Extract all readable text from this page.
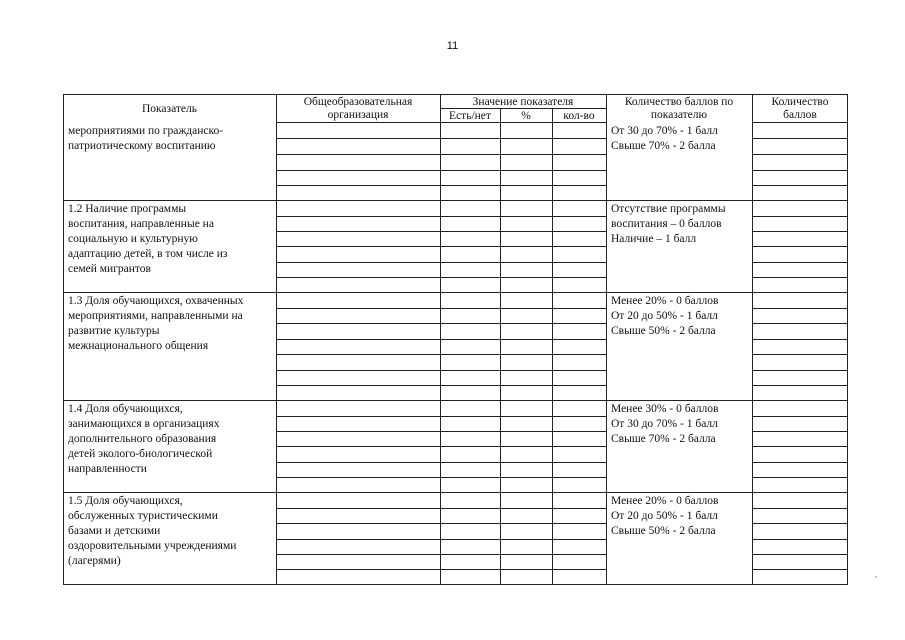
11
Показатель
Общеобразовательная
организация
Значение показателя
Есть/нет	%	кол-во
Количество баллов по
показателю
Количество
баллов
мероприятиями по гражданско-
патриотическому воспитанию
От 30 до 70% - 1 балл
Свыше 70% - 2 балла
1.2 Наличие программы
воспитания, направленные на
социальную и культурную
адаптацию детей, в том числе из
семей мигрантов
Отсутствие программы
воспитания – 0 баллов
Наличие – 1 балл
1.3 Доля обучающихся, охваченных
мероприятиями, направленными на
развитие культуры
межнационального общения
Менее 20% - 0 баллов
От 20 до 50% - 1 балл
Свыше 50% - 2 балла
1.4 Доля обучающихся,
занимающихся в организациях
дополнительного образования
детей эколого-биологической
направленности
Менее 30% - 0 баллов
От 30 до 70% - 1 балл
Свыше 70% - 2 балла
1.5 Доля обучающихся,
обслуженных туристическими
базами и детскими
оздоровительными учреждениями
(лагерями)
Менее 20% - 0 баллов
От 20 до 50% - 1 балл
Свыше 50% - 2 балла
